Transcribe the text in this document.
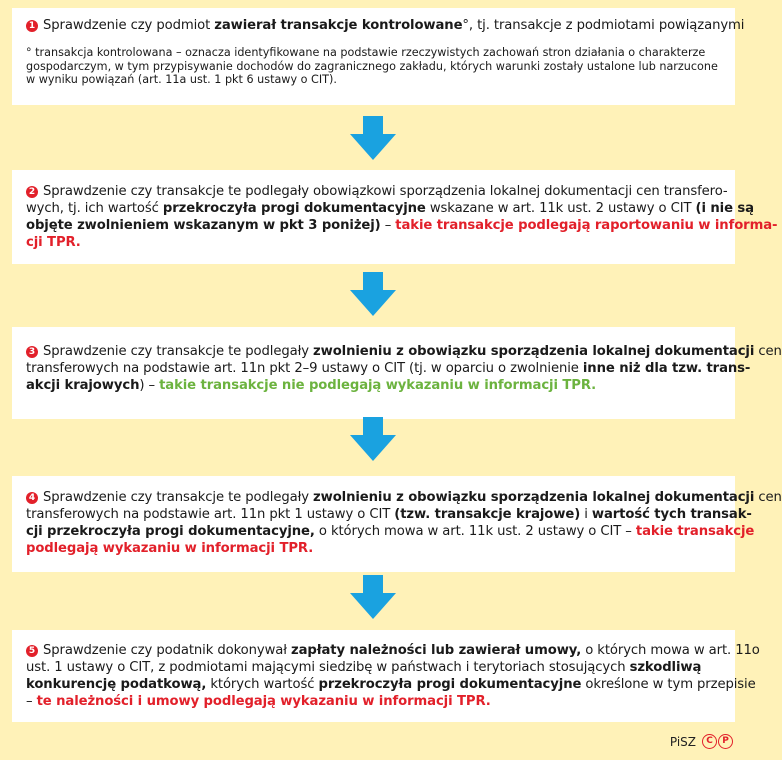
1 Sprawdzenie czy podmiot zawierał transakcje kontrolowane°, tj. transakcje z podmiotami powiązanymi
° transakcja kontrolowana – oznacza identyfikowane na podstawie rzeczywistych zachowań stron działania o charakterze
gospodarczym, w tym przypisywanie dochodów do zagranicznego zakładu, których warunki zostały ustalone lub narzucone
w wyniku powiązań (art. 11a ust. 1 pkt 6 ustawy o CIT).
2 Sprawdzenie czy transakcje te podlegały obowiązkowi sporządzenia lokalnej dokumentacji cen transfero-
wych, tj. ich wartość przekroczyła progi dokumentacyjne wskazane w art. 11k ust. 2 ustawy o CIT (i nie są
objęte zwolnieniem wskazanym w pkt 3 poniżej) – takie transakcje podlegają raportowaniu w informa-
cji TPR.
3 Sprawdzenie czy transakcje te podlegały zwolnieniu z obowiązku sporządzenia lokalnej dokumentacji cen
transferowych na podstawie art. 11n pkt 2–9 ustawy o CIT (tj. w oparciu o zwolnienie inne niż dla tzw. trans-
akcji krajowych) – takie transakcje nie podlegają wykazaniu w informacji TPR.
4 Sprawdzenie czy transakcje te podlegały zwolnieniu z obowiązku sporządzenia lokalnej dokumentacji cen
transferowych na podstawie art. 11n pkt 1 ustawy o CIT (tzw. transakcje krajowe) i wartość tych transak-
cji przekroczyła progi dokumentacyjne, o których mowa w art. 11k ust. 2 ustawy o CIT – takie transakcje
podlegają wykazaniu w informacji TPR.
5 Sprawdzenie czy podatnik dokonywał zapłaty należności lub zawierał umowy, o których mowa w art. 11o
ust. 1 ustawy o CIT, z podmiotami mającymi siedzibę w państwach i terytoriach stosujących szkodliwą
konkurencję podatkową, których wartość przekroczyła progi dokumentacyjne określone w tym przepisie
– te należności i umowy podlegają wykazaniu w informacji TPR.
PiSZ	C	P
